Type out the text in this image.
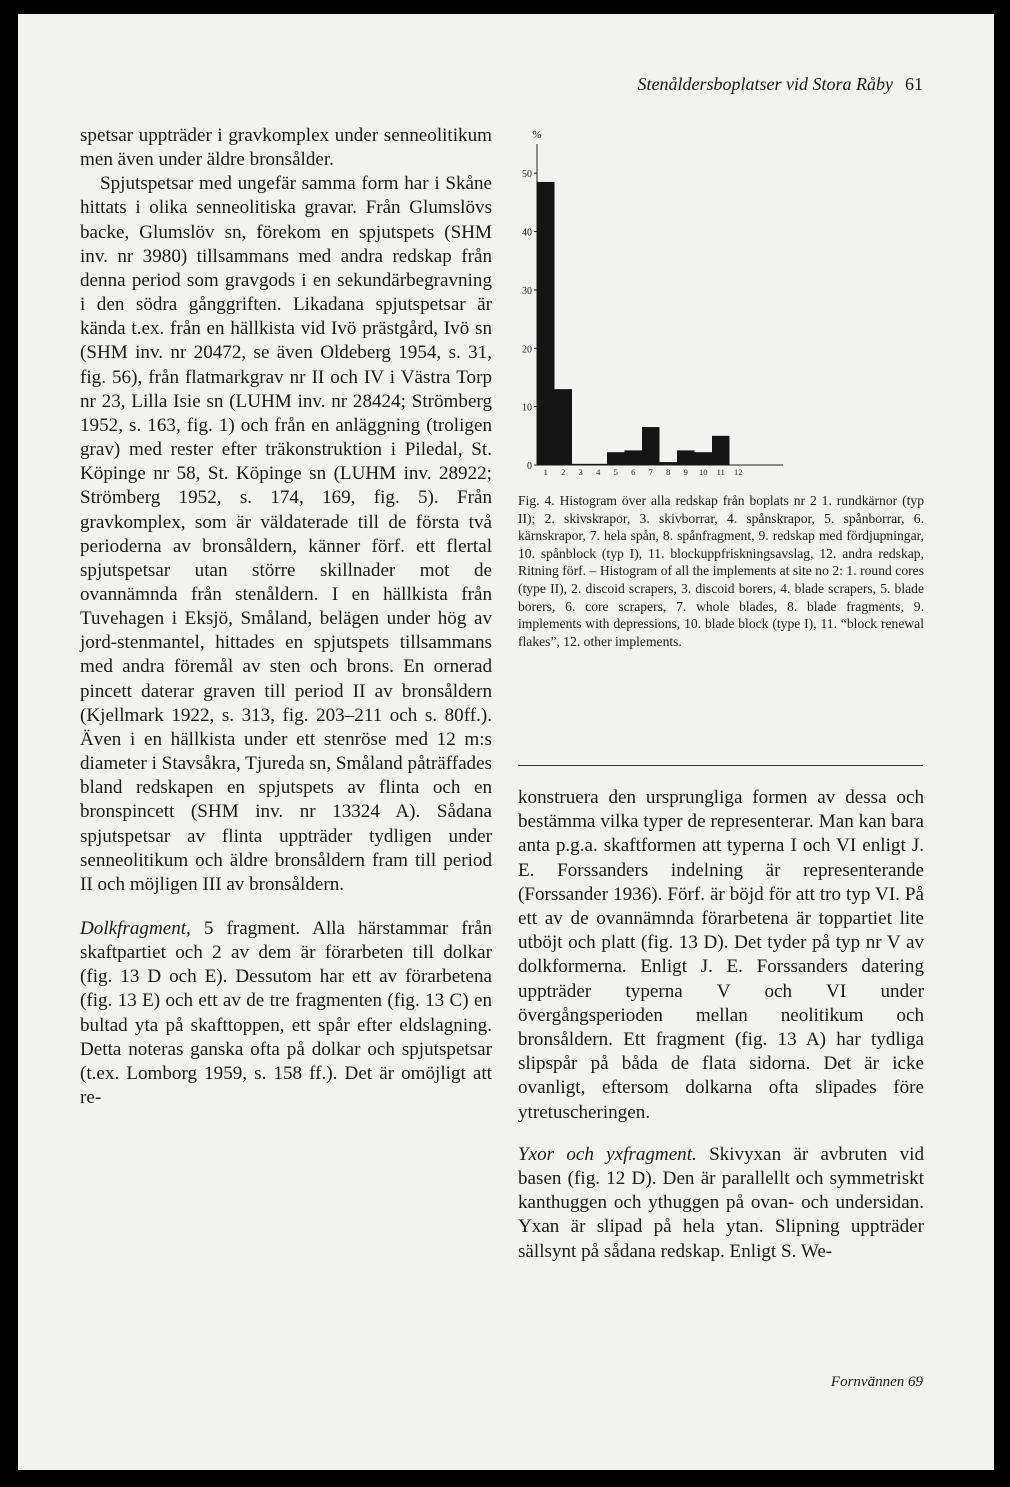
Stenåldersboplatser vid Stora Råby 61

spetsar uppträder i gravkomplex under senneolitikum men även under äldre bronsålder.

Spjutspetsar med ungefär samma form har i Skåne hittats i olika senneolitiska gravar. Från Glumslövs backe, Glumslöv sn, förekom en spjutspets (SHM inv. nr 3980) tillsammans med andra redskap från denna period som gravgods i en sekundärbegravning i den södra gånggriften. Likadana spjutspetsar är kända t.ex. från en hällkista vid Ivö prästgård, Ivö sn (SHM inv. nr 20472, se även Oldeberg 1954, s. 31, fig. 56), från flatmarkgrav nr II och IV i Västra Torp nr 23, Lilla Isie sn (LUHM inv. nr 28424; Strömberg 1952, s. 163, fig. 1) och från en anläggning (troligen grav) med rester efter träkonstruktion i Piledal, St. Köpinge nr 58, St. Köpinge sn (LUHM inv. 28922; Strömberg 1952, s. 174, 169, fig. 5). Från gravkomplex, som är väldaterade till de första två perioderna av bronsåldern, känner förf. ett flertal spjutspetsar utan större skillnader mot de ovannämnda från stenåldern. I en hällkista från Tuvehagen i Eksjö, Småland, belägen under hög av jord-stenmantel, hittades en spjutspets tillsammans med andra föremål av sten och brons. En ornerad pincett daterar graven till period II av bronsåldern (Kjellmark 1922, s. 313, fig. 203–211 och s. 80ff.). Även i en hällkista under ett stenröse med 12 m:s diameter i Stavsåkra, Tjureda sn, Småland påträffades bland redskapen en spjutspets av flinta och en bronspincett (SHM inv. nr 13324 A). Sådana spjutspetsar av flinta uppträder tydligen under senneolitikum och äldre bronsåldern fram till period II och möjligen III av bronsåldern.

Dolkfragment, 5 fragment. Alla härstammar från skaftpartiet och 2 av dem är förarbeten till dolkar (fig. 13 D och E). Dessutom har ett av förarbetena (fig. 13 E) och ett av de tre fragmenten (fig. 13 C) en bultad yta på skafttoppen, ett spår efter eldslagning. Detta noteras ganska ofta på dolkar och spjutspetsar (t.ex. Lomborg 1959, s. 158 ff.). Det är omöjligt att re-

%
0
10
20
30
40
50
1 2 3 4 5 6 7 8 9 10 11 12
Fig. 4. Histogram över alla redskap från boplats nr 2 1. rundkärnor (typ II); 2. skivskrapor, 3. skivborrar, 4. spånskrapor, 5. spånborrar, 6. kärnskrapor, 7. hela spån, 8. spånfragment, 9. redskap med fördjupningar, 10. spånblock (typ I), 11. blockuppfriskningsavslag, 12. andra redskap, Ritning förf. – Histogram of all the implements at site no 2: 1. round cores (type II), 2. discoid scrapers, 3. discoid borers, 4. blade scrapers, 5. blade borers, 6. core scrapers, 7. whole blades, 8. blade fragments, 9. implements with depressions, 10. blade block (type I), 11. “block renewal flakes”, 12. other implements.

konstruera den ursprungliga formen av dessa och bestämma vilka typer de representerar. Man kan bara anta p.g.a. skaftformen att typerna I och VI enligt J. E. Forssanders indelning är representerande (Forssander 1936). Förf. är böjd för att tro typ VI. På ett av de ovannämnda förarbetena är toppartiet lite utböjt och platt (fig. 13 D). Det tyder på typ nr V av dolkformerna. Enligt J. E. Forssanders datering uppträder typerna V och VI under övergångsperioden mellan neolitikum och bronsåldern. Ett fragment (fig. 13 A) har tydliga slipspår på båda de flata sidorna. Det är icke ovanligt, eftersom dolkarna ofta slipades före ytretuscheringen.

Yxor och yxfragment. Skivyxan är avbruten vid basen (fig. 12 D). Den är parallellt och symmetriskt kanthuggen och ythuggen på ovan- och undersidan. Yxan är slipad på hela ytan. Slipning uppträder sällsynt på sådana redskap. Enligt S. We-

Fornvännen 69
